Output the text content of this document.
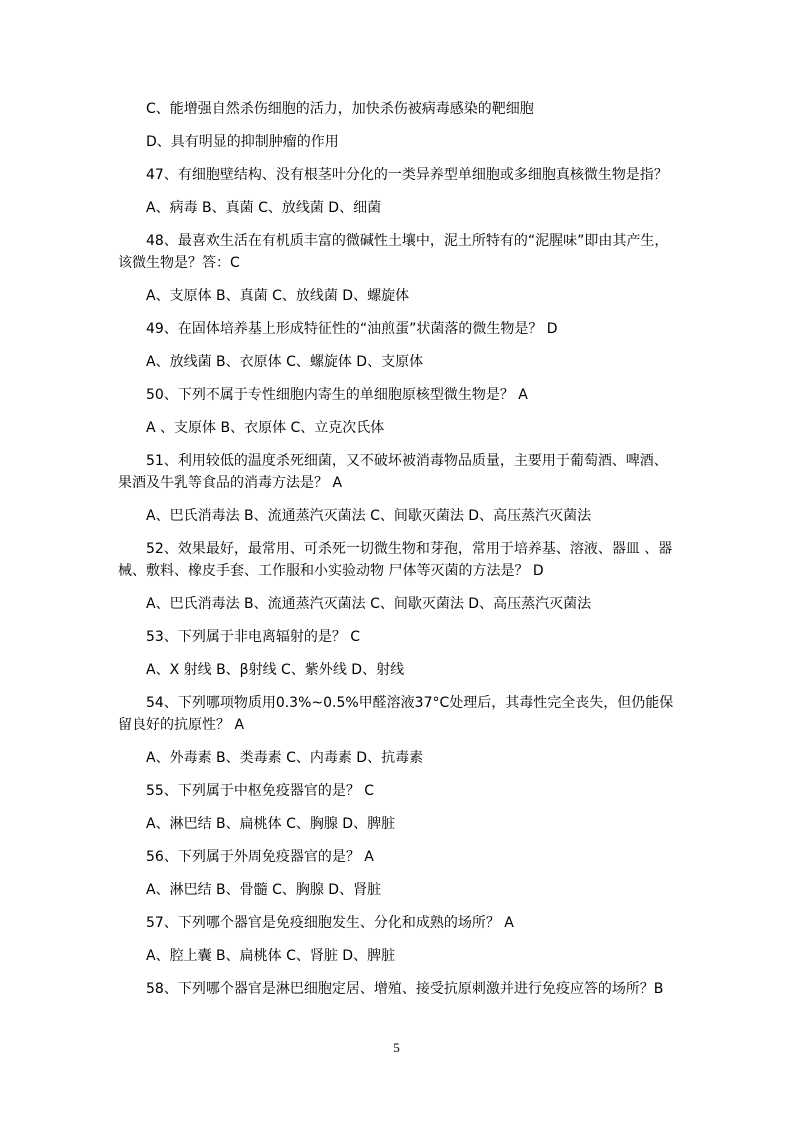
C、能增强自然杀伤细胞的活力，加快杀伤被病毒感染的靶细胞
D、具有明显的抑制肿瘤的作用
47、有细胞壁结构、没有根茎叶分化的一类异养型单细胞或多细胞真核微生物是指？
A、病毒 B、真菌 C、放线菌 D、细菌
48、最喜欢生活在有机质丰富的微碱性土壤中，泥土所特有的“泥腥味”即由其产生，该微生物是？答：C
A、支原体 B、真菌 C、放线菌 D、螺旋体
49、在固体培养基上形成特征性的“油煎蛋”状菌落的微生物是？ D
A、放线菌 B、衣原体 C、螺旋体 D、支原体
50、下列不属于专性细胞内寄生的单细胞原核型微生物是？ A
A 、支原体 B、衣原体 C、立克次氏体
51、利用较低的温度杀死细菌，又不破坏被消毒物品质量，主要用于葡萄酒、啤酒、果酒及牛乳等食品的消毒方法是？ A
A、巴氏消毒法 B、流通蒸汽灭菌法 C、间歇灭菌法 D、高压蒸汽灭菌法
52、效果最好，最常用、可杀死一切微生物和芽孢，常用于培养基、溶液、器皿 、器械、敷料、橡皮手套、工作服和小实验动物 尸体等灭菌的方法是？ D
A、巴氏消毒法 B、流通蒸汽灭菌法 C、间歇灭菌法 D、高压蒸汽灭菌法
53、下列属于非电离辐射的是？ C
A、X 射线 B、β射线 C、紫外线 D、射线
54、下列哪项物质用0.3%~0.5%甲醛溶液37°C处理后，其毒性完全丧失，但仍能保留良好的抗原性？ A
A、外毒素 B、类毒素 C、内毒素 D、抗毒素
55、下列属于中枢免疫器官的是？ C
A、淋巴结 B、扁桃体 C、胸腺 D、脾脏
56、下列属于外周免疫器官的是？ A
A、淋巴结 B、骨髓 C、胸腺 D、肾脏
57、下列哪个器官是免疫细胞发生、分化和成熟的场所？ A
A、腔上囊 B、扁桃体 C、肾脏 D、脾脏
58、下列哪个器官是淋巴细胞定居、增殖、接受抗原刺激并进行免疫应答的场所？B
5
